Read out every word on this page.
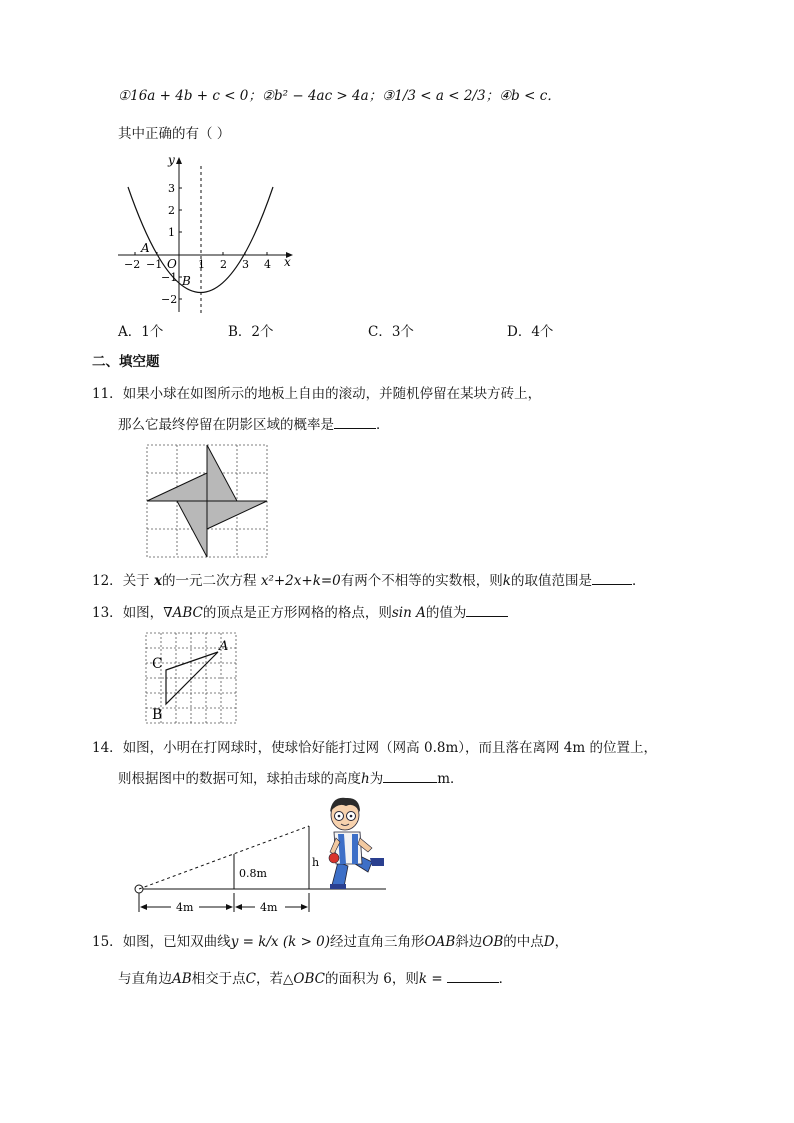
①16a + 4b + c < 0；②b² − 4ac > 4a；③1/3 < a < 2/3；④b < c．
其中正确的有（ ）
x
y
O
A
B
−2 −1	1 2 3 4
3
2
1
−1
−2
A．1个	B．2个	C．3个	D．4个
二、填空题
11．如果小球在如图所示的地板上自由的滚动，并随机停留在某块方砖上，
那么它最终停留在阴影区域的概率是	．
12．关于 x的一元二次方程 x²+2x+k=0有两个不相等的实数根，则k的取值范围是	．
13．如图，∇ABC的顶点是正方形网格的格点，则sin A的值为
A
C
B
14．如图，小明在打网球时，使球恰好能打过网（网高 0.8m），而且落在离网 4m 的位置上，
则根据图中的数据可知，球拍击球的高度h为	m．
0.8m
h
4m	4m
15．如图，已知双曲线y = k/x (k > 0)经过直角三角形OAB斜边OB的中点D，
与直角边AB相交于点C，若△OBC的面积为 6，则k =	．
